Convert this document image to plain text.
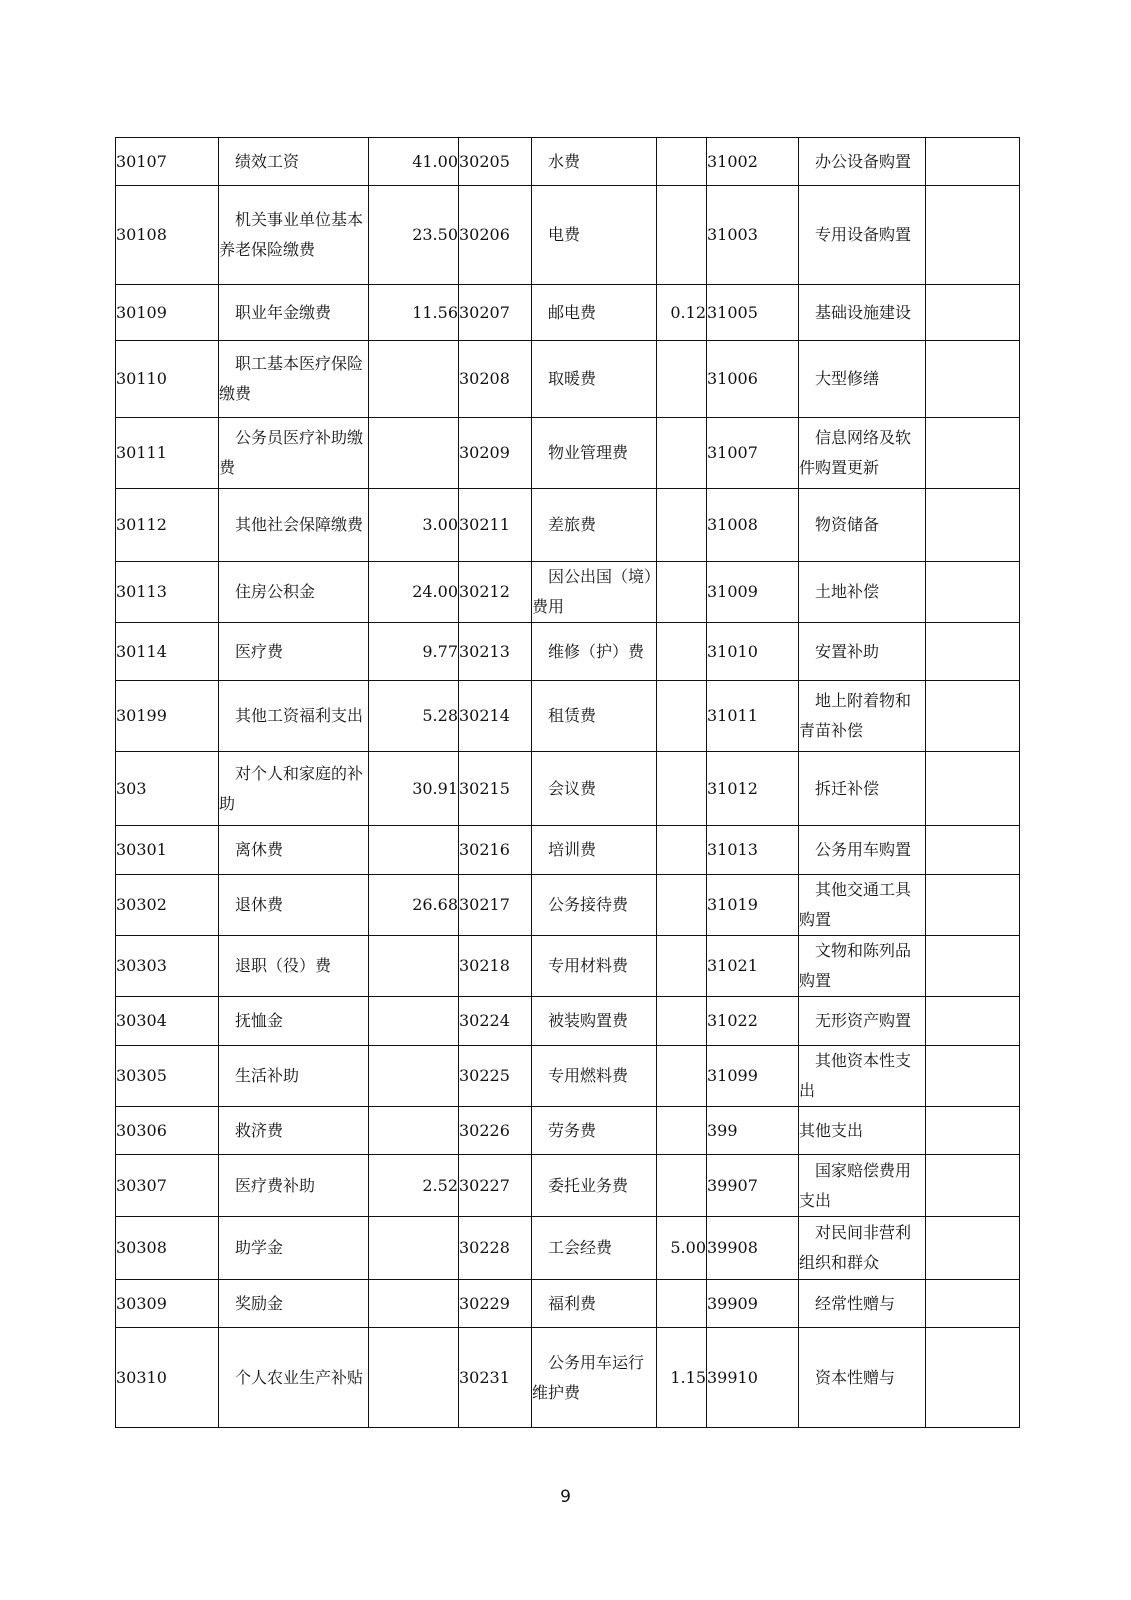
30107	绩效工资	41.00	30205	水费		31002	办公设备购置	

30108	机关事业单位基本养老保险缴费	23.50	30206	电费		31003	专用设备购置	

30109	职业年金缴费	11.56	30207	邮电费	0.12	31005	基础设施建设	

30110	职工基本医疗保险缴费		30208	取暖费		31006	大型修缮	

30111	公务员医疗补助缴费		30209	物业管理费		31007	信息网络及软件购置更新	

30112	其他社会保障缴费	3.00	30211	差旅费		31008	物资储备	

30113	住房公积金	24.00	30212	因公出国（境）费用		31009	土地补偿	

30114	医疗费	9.77	30213	维修（护）费		31010	安置补助	

30199	其他工资福利支出	5.28	30214	租赁费		31011	地上附着物和青苗补偿	

303	对个人和家庭的补助	30.91	30215	会议费		31012	拆迁补偿	

30301	离休费		30216	培训费		31013	公务用车购置	

30302	退休费	26.68	30217	公务接待费		31019	其他交通工具购置	

30303	退职（役）费		30218	专用材料费		31021	文物和陈列品购置	

30304	抚恤金		30224	被装购置费		31022	无形资产购置	

30305	生活补助		30225	专用燃料费		31099	其他资本性支出	

30306	救济费		30226	劳务费		399	其他支出	

30307	医疗费补助	2.52	30227	委托业务费		39907	国家赔偿费用支出	

30308	助学金		30228	工会经费	5.00	39908	对民间非营利组织和群众	

30309	奖励金		30229	福利费		39909	经常性赠与	

30310	个人农业生产补贴		30231	公务用车运行维护费	1.15	39910	资本性赠与	

9
